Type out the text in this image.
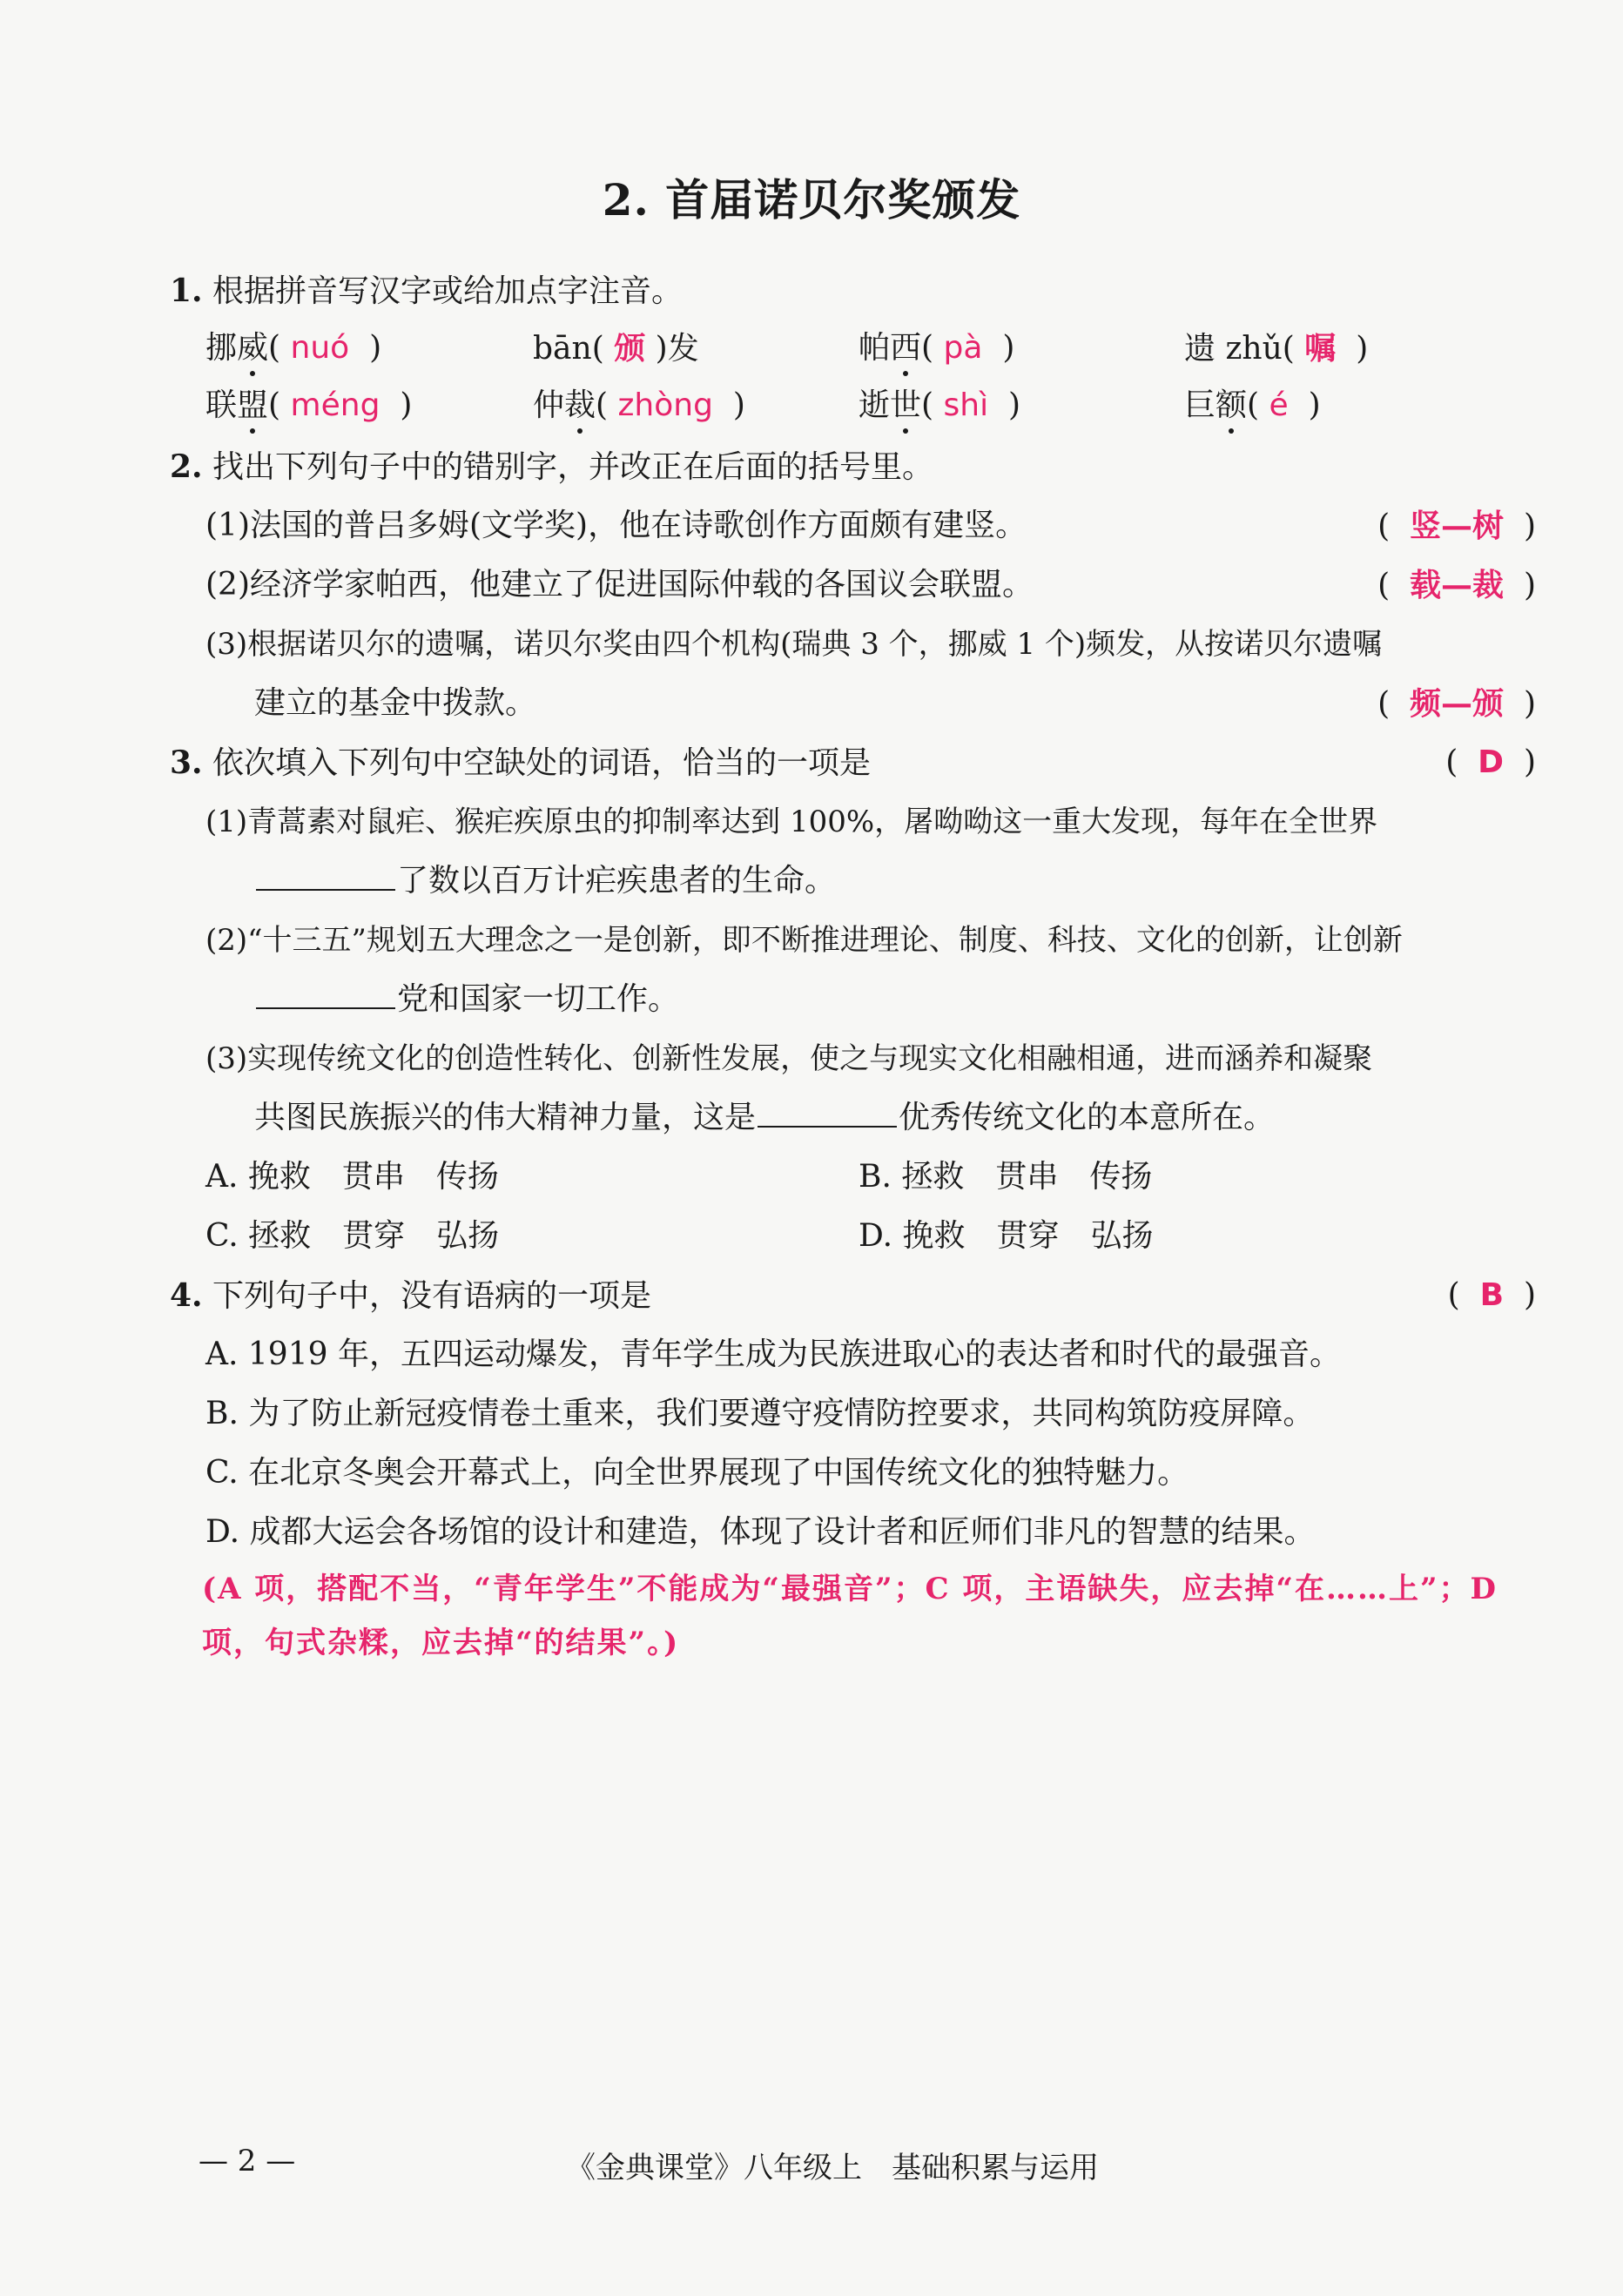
2. 首届诺贝尔奖颁发
1. 根据拼音写汉字或给加点字注音。
挪威( nuó )	bān( 颁 )发	帕西( pà )	遗 zhǔ( 嘱 )
联盟( méng )	仲裁( zhòng )	逝世( shì )	巨额( é )
2. 找出下列句子中的错别字，并改正在后面的括号里。
(1)法国的普吕多姆(文学奖)，他在诗歌创作方面颇有建竖。	(  竖—树  )
(2)经济学家帕西，他建立了促进国际仲载的各国议会联盟。	(  载—裁  )
(3)根据诺贝尔的遗嘱，诺贝尔奖由四个机构(瑞典 3 个，挪威 1 个)频发，从按诺贝尔遗嘱
建立的基金中拨款。	(  频—颁  )
3. 依次填入下列句中空缺处的词语，恰当的一项是	(  D  )
(1)青蒿素对鼠疟、猴疟疾原虫的抑制率达到 100%，屠呦呦这一重大发现，每年在全世界
了数以百万计疟疾患者的生命。
(2)“十三五”规划五大理念之一是创新，即不断推进理论、制度、科技、文化的创新，让创新
党和国家一切工作。
(3)实现传统文化的创造性转化、创新性发展，使之与现实文化相融相通，进而涵养和凝聚
共图民族振兴的伟大精神力量，这是	优秀传统文化的本意所在。
A. 挽救　贯串　传扬	B. 拯救　贯串　传扬
C. 拯救　贯穿　弘扬	D. 挽救　贯穿　弘扬
4. 下列句子中，没有语病的一项是	(  B  )
A. 1919 年，五四运动爆发，青年学生成为民族进取心的表达者和时代的最强音。
B. 为了防止新冠疫情卷土重来，我们要遵守疫情防控要求，共同构筑防疫屏障。
C. 在北京冬奥会开幕式上，向全世界展现了中国传统文化的独特魅力。
D. 成都大运会各场馆的设计和建造，体现了设计者和匠师们非凡的智慧的结果。
(A 项，搭配不当，“青年学生”不能成为“最强音”；C 项，主语缺失，应去掉“在……上”；D 项，句式杂糅，应去掉“的结果”。)
— 2 —	《金典课堂》八年级上　基础积累与运用
